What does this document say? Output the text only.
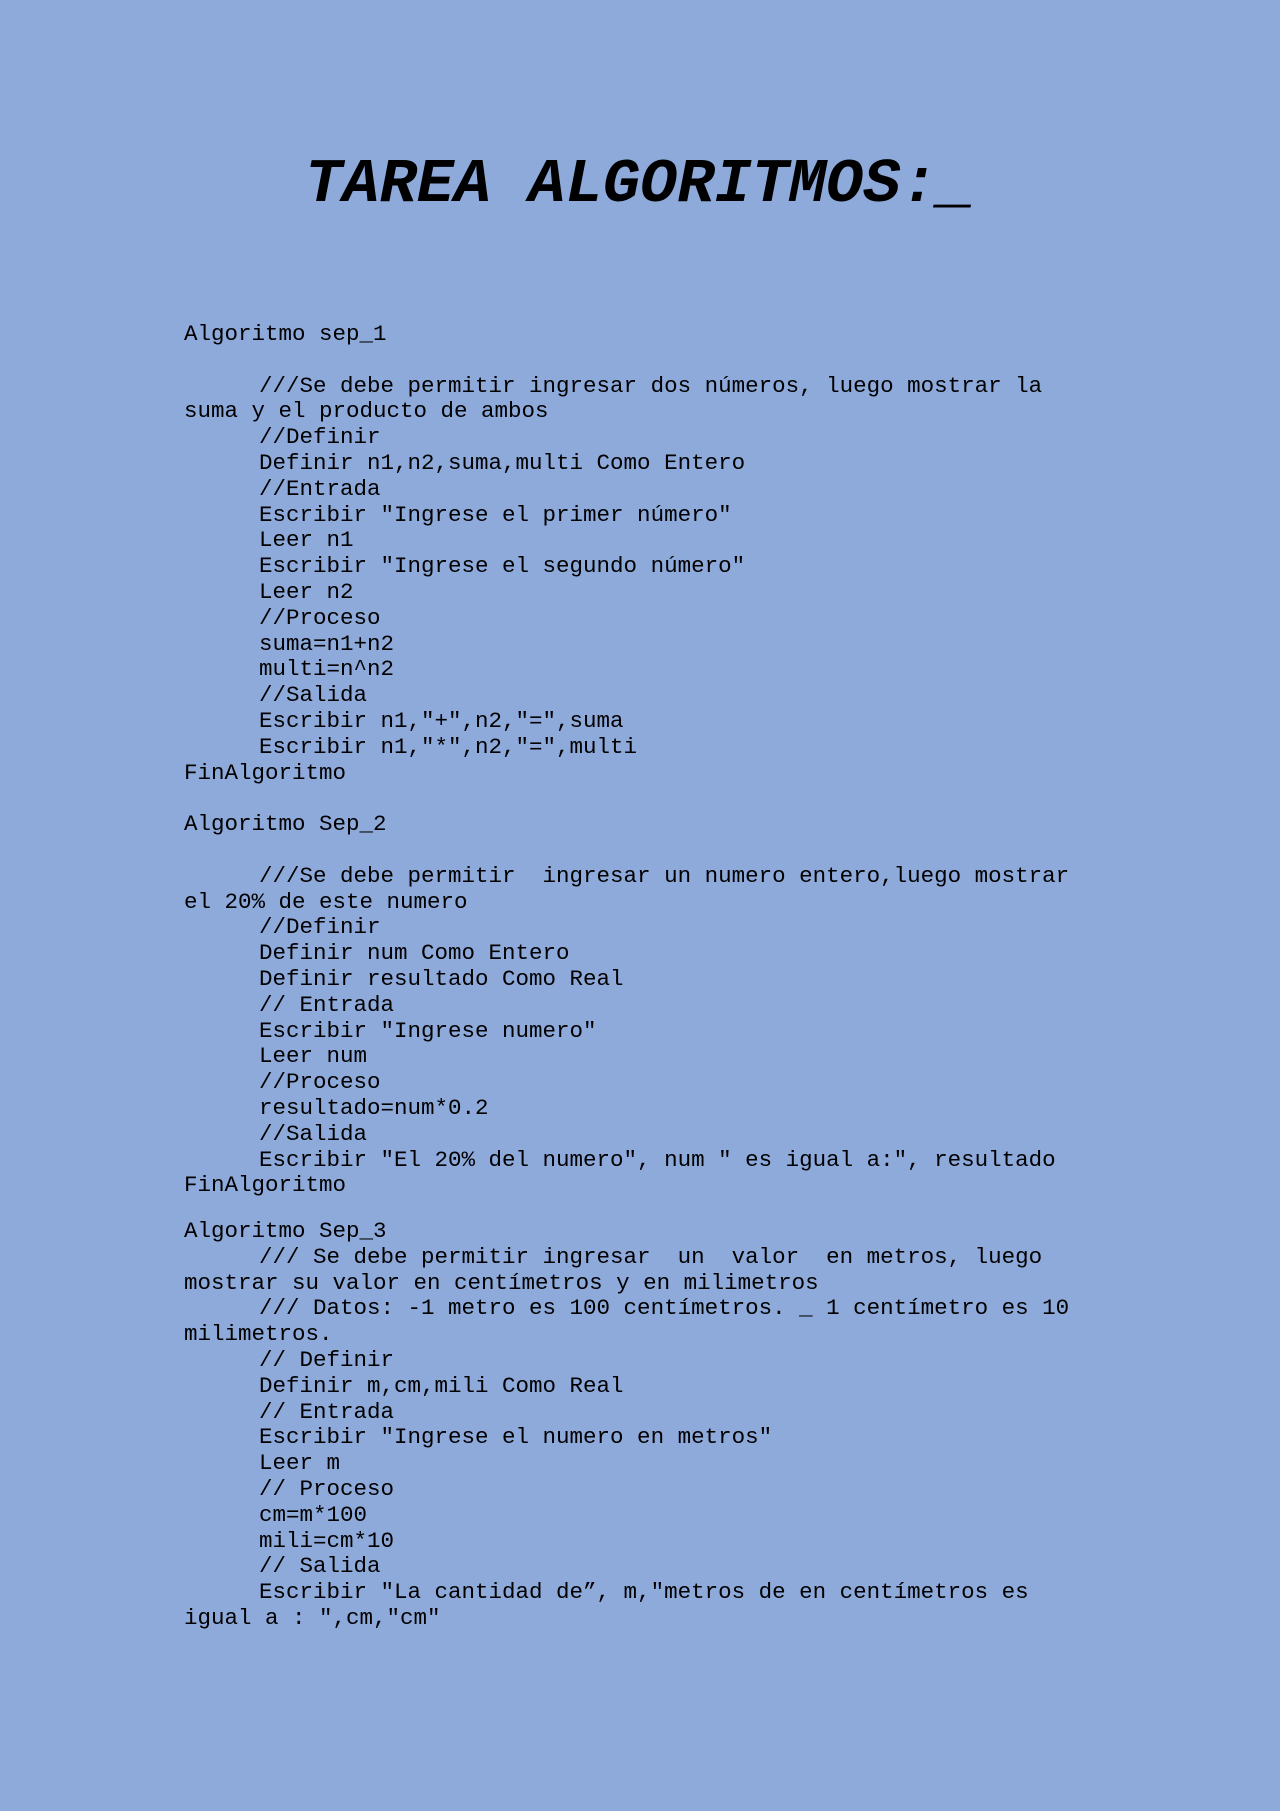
TAREA ALGORITMOS:_
Algoritmo sep_1
///Se debe permitir ingresar dos números, luego mostrar la
suma y el producto de ambos
//Definir
Definir n1,n2,suma,multi Como Entero
//Entrada
Escribir "Ingrese el primer número"
Leer n1
Escribir "Ingrese el segundo número"
Leer n2
//Proceso
suma=n1+n2
multi=n^n2
//Salida
Escribir n1,"+",n2,"=",suma
Escribir n1,"*",n2,"=",multi
FinAlgoritmo
Algoritmo Sep_2
///Se debe permitir  ingresar un numero entero,luego mostrar
el 20% de este numero
//Definir
Definir num Como Entero
Definir resultado Como Real
// Entrada
Escribir "Ingrese numero"
Leer num
//Proceso
resultado=num*0.2
//Salida
Escribir "El 20% del numero", num " es igual a:", resultado
FinAlgoritmo
Algoritmo Sep_3
/// Se debe permitir ingresar  un  valor  en metros, luego
mostrar su valor en centímetros y en milimetros
/// Datos: -1 metro es 100 centímetros. _ 1 centímetro es 10
milimetros.
// Definir
Definir m,cm,mili Como Real
// Entrada
Escribir "Ingrese el numero en metros"
Leer m
// Proceso
cm=m*100
mili=cm*10
// Salida
Escribir "La cantidad de”, m,"metros de en centímetros es
igual a : ",cm,"cm"
